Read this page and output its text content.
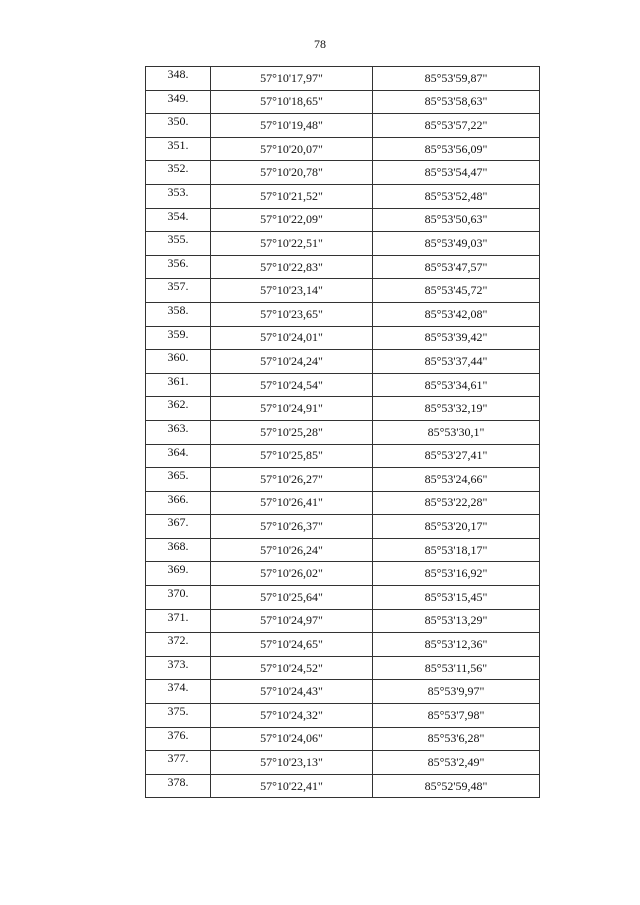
78
348.	57°10'17,97"	85°53'59,87"
349.	57°10'18,65"	85°53'58,63"
350.	57°10'19,48"	85°53'57,22"
351.	57°10'20,07"	85°53'56,09"
352.	57°10'20,78"	85°53'54,47"
353.	57°10'21,52"	85°53'52,48"
354.	57°10'22,09"	85°53'50,63"
355.	57°10'22,51"	85°53'49,03"
356.	57°10'22,83"	85°53'47,57"
357.	57°10'23,14"	85°53'45,72"
358.	57°10'23,65"	85°53'42,08"
359.	57°10'24,01"	85°53'39,42"
360.	57°10'24,24"	85°53'37,44"
361.	57°10'24,54"	85°53'34,61"
362.	57°10'24,91"	85°53'32,19"
363.	57°10'25,28"	85°53'30,1"
364.	57°10'25,85"	85°53'27,41"
365.	57°10'26,27"	85°53'24,66"
366.	57°10'26,41"	85°53'22,28"
367.	57°10'26,37"	85°53'20,17"
368.	57°10'26,24"	85°53'18,17"
369.	57°10'26,02"	85°53'16,92"
370.	57°10'25,64"	85°53'15,45"
371.	57°10'24,97"	85°53'13,29"
372.	57°10'24,65"	85°53'12,36"
373.	57°10'24,52"	85°53'11,56"
374.	57°10'24,43"	85°53'9,97"
375.	57°10'24,32"	85°53'7,98"
376.	57°10'24,06"	85°53'6,28"
377.	57°10'23,13"	85°53'2,49"
378.	57°10'22,41"	85°52'59,48"
